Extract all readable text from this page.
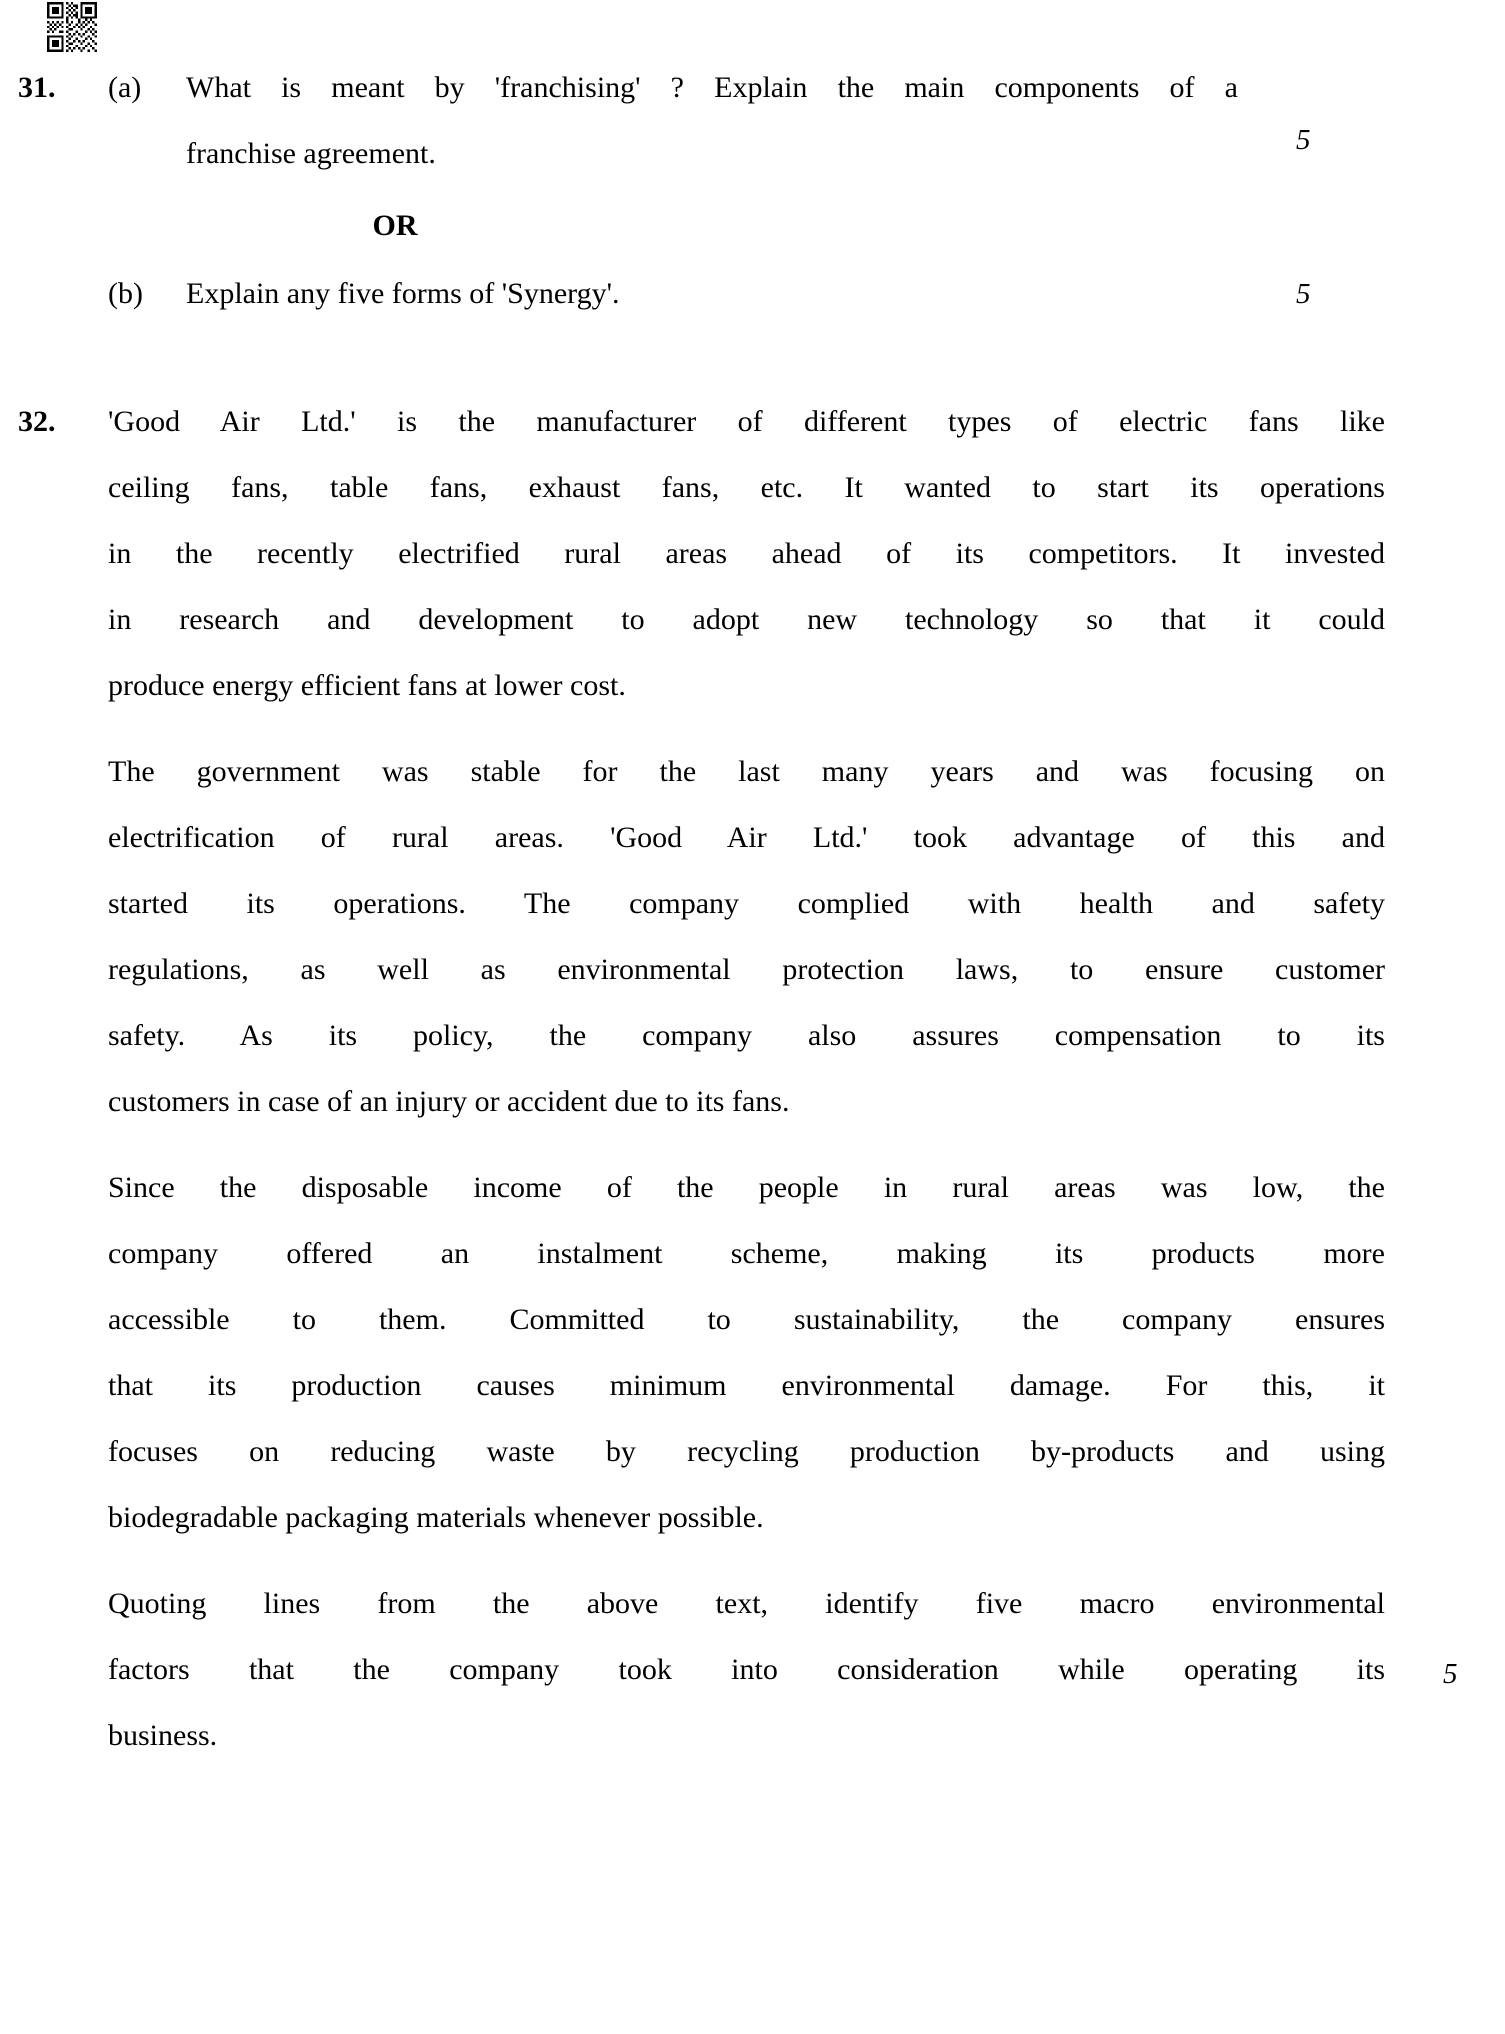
31.	(a)	What is meant by 'franchising' ? Explain the main components of a
franchise agreement.	5
OR
(b)	Explain any five forms of 'Synergy'.	5
32.	'Good Air Ltd.' is the manufacturer of different types of electric fans like
ceiling fans, table fans, exhaust fans, etc. It wanted to start its operations
in the recently electrified rural areas ahead of its competitors. It invested
in research and development to adopt new technology so that it could
produce energy efficient fans at lower cost.
The government was stable for the last many years and was focusing on
electrification of rural areas. 'Good Air Ltd.' took advantage of this and
started its operations. The company complied with health and safety
regulations, as well as environmental protection laws, to ensure customer
safety. As its policy, the company also assures compensation to its
customers in case of an injury or accident due to its fans.
Since the disposable income of the people in rural areas was low, the
company offered an instalment scheme, making its products more
accessible to them. Committed to sustainability, the company ensures
that its production causes minimum environmental damage. For this, it
focuses on reducing waste by recycling production by-products and using
biodegradable packaging materials whenever possible.
Quoting lines from the above text, identify five macro environmental
factors that the company took into consideration while operating its
business.
5
